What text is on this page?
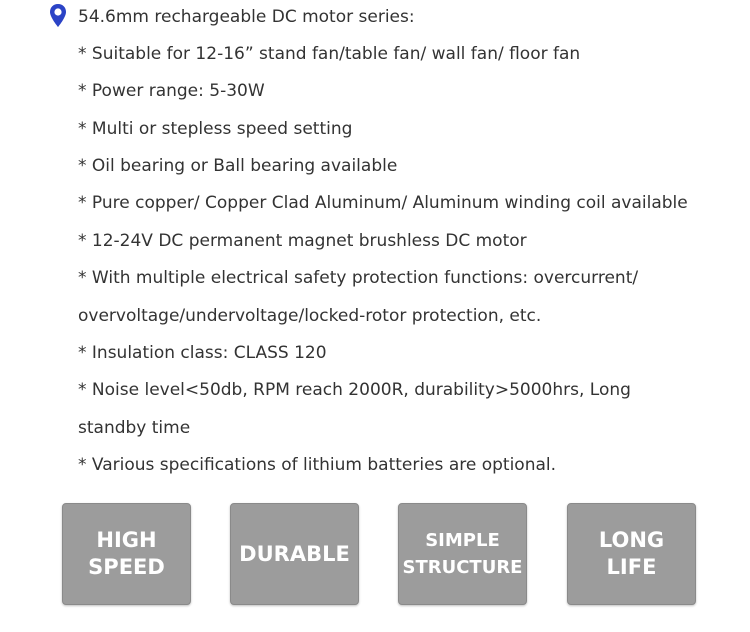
54.6mm rechargeable DC motor series:
* Suitable for 12-16” stand fan/table fan/ wall fan/ floor fan
* Power range: 5-30W
* Multi or stepless speed setting
* Oil bearing or Ball bearing available
* Pure copper/ Copper Clad Aluminum/ Aluminum winding coil available
* 12-24V DC permanent magnet brushless DC motor
* With multiple electrical safety protection functions: overcurrent/
overvoltage/undervoltage/locked-rotor protection, etc.
* Insulation class: CLASS 120
* Noise level<50db, RPM reach 2000R, durability>5000hrs, Long
standby time
* Various specifications of lithium batteries are optional.
HIGH
SPEED
DURABLE
SIMPLE
STRUCTURE
LONG
LIFE
